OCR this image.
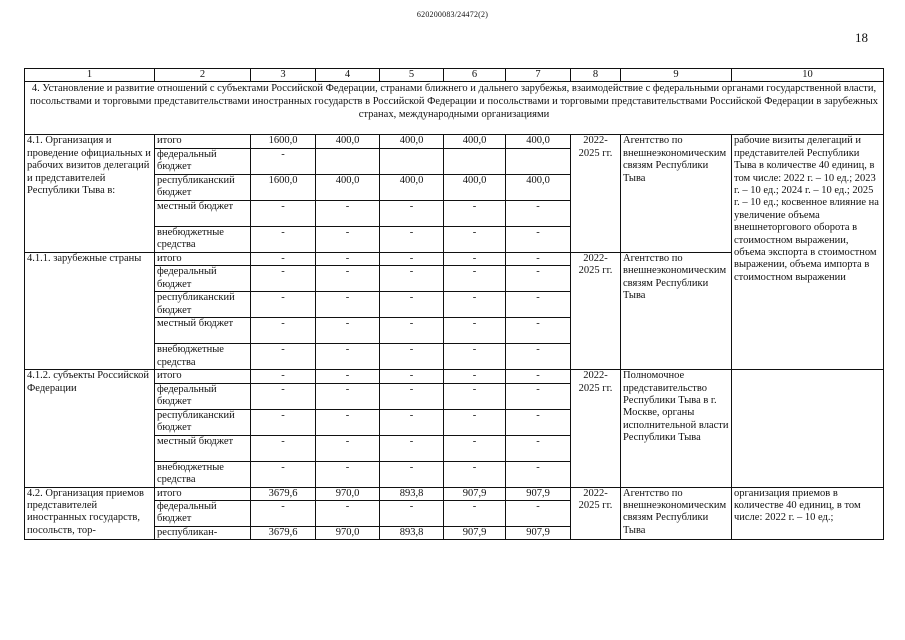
620200083/24472(2)
18
1	2	3	4	5	6	7	8	9	10
4. Установление и развитие отношений с субъектами Российской Федерации, странами ближнего и дальнего зарубежья, взаимодействие с федеральными органами государственной власти, посольствами и торговыми представительствами иностранных государств в Российской Федерации и посольствами и торговыми представительствами Российской Федерации в зарубежных странах, международными организациями									
4.1. Организация и проведение официальных и рабочих визитов делегаций и представителей Республики Тыва в:	итого	1600,0	400,0	400,0	400,0	400,0	2022-2025 гг.	Агентство по внешнеэкономическим связям Республики Тыва	рабочие визиты делегаций и представителей Республики Тыва в количестве 40 единиц, в том числе: 2022 г. – 10 ед.; 2023 г. – 10 ед.; 2024 г. – 10 ед.; 2025 г. – 10 ед.; косвенное влияние на увеличение объема внешнеторгового оборота в стоимостном выражении, объема экспорта в стоимостном выражении, объема импорта в стоимостном выражении
	федеральный бюджет	-							
	республиканский бюджет	1600,0	400,0	400,0	400,0	400,0			
	местный бюджет	-	-	-	-	-			
	внебюджетные средства	-	-	-	-	-			
4.1.1. зарубежные страны	итого	-	-	-	-	-	2022-2025 гг.	Агентство по внешнеэкономическим связям Республики Тыва	
	федеральный бюджет	-	-	-	-	-			
	республиканский бюджет	-	-	-	-	-			
	местный бюджет	-	-	-	-	-			
	внебюджетные средства	-	-	-	-	-			
4.1.2. субъекты Российской Федерации	итого	-	-	-	-	-	2022-2025 гг.	Полномочное представительство Республики Тыва в г. Москве, органы исполнительной власти Республики Тыва	
	федеральный бюджет	-	-	-	-	-			
	республиканский бюджет	-	-	-	-	-			
	местный бюджет	-	-	-	-	-			
	внебюджетные средства	-	-	-	-	-			
4.2. Организация приемов представителей иностранных государств, посольств, тор-	итого	3679,6	970,0	893,8	907,9	907,9	2022-2025 гг.	Агентство по внешнеэкономическим связям Республики Тыва	организация приемов в количестве 40 единиц, в том числе: 2022 г. – 10 ед.;
	федеральный бюджет	-	-	-	-	-			
	республикан-	3679,6	970,0	893,8	907,9	907,9			
